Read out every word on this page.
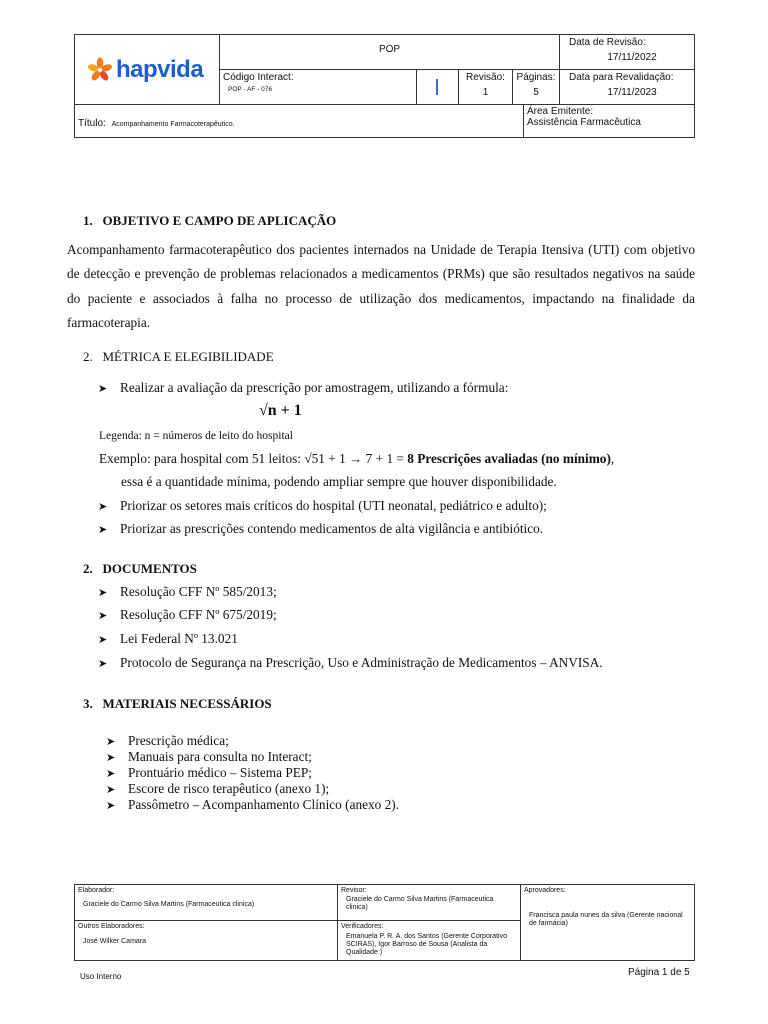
hapvida
POP
Data de Revisão:
17/11/2022
Código Interact:
POP - AF - 076
Revisão:
1
Páginas:
5
Data para Revalidação:
17/11/2023
Título: Acompanhamento Farmacoterapêutico.
Área Emitente:
Assistência Farmacêutica
1. OBJETIVO E CAMPO DE APLICAÇÃO

Acompanhamento farmacoterapêutico dos pacientes internados na Unidade de Terapia Itensiva (UTI) com objetivo de detecção e prevenção de problemas relacionados a medicamentos (PRMs) que são resultados negativos na saúde do paciente e associados à falha no processo de utilização dos medicamentos, impactando na finalidade da farmacoterapia.

2. MÉTRICA E ELEGIBILIDADE
➤ Realizar a avaliação da prescrição por amostragem, utilizando a fórmula:
√n + 1
Legenda: n = números de leito do hospital
Exemplo: para hospital com 51 leitos: √51 + 1 → 7 + 1 = 8 Prescrições avaliadas (no mínimo),
essa é a quantidade mínima, podendo ampliar sempre que houver disponibilidade.
➤ Priorizar os setores mais críticos do hospital (UTI neonatal, pediátrico e adulto);
➤ Priorizar as prescrições contendo medicamentos de alta vigilância e antibiótico.
2. DOCUMENTOS
➤ Resolução CFF Nº 585/2013;
➤ Resolução CFF Nº 675/2019;
➤ Lei Federal Nº 13.021
➤ Protocolo de Segurança na Prescrição, Uso e Administração de Medicamentos – ANVISA.
3. MATERIAIS NECESSÁRIOS
➤ Prescrição médica;
➤ Manuais para consulta no Interact;
➤ Prontuário médico – Sistema PEP;
➤ Escore de risco terapêutico (anexo 1);
➤ Passômetro – Acompanhamento Clínico (anexo 2).
Elaborador:
Graciele do Carmo Silva Martins (Farmaceutica clinica)
Revisor:
Graciele do Carmo Silva Martins (Farmaceutica clinica)
Aprovadores:
Francisca paula nunes da silva (Gerente nacional de farmácia)
Outros Elaboradores:
José Wilker Camara
Verificadores:
Emanuela P. R. A. dos Santos (Gerente Corporativo SCIRAS), Igor Barroso de Sousa (Analista da Qualidade )
Uso Interno	Página 1 de 5
